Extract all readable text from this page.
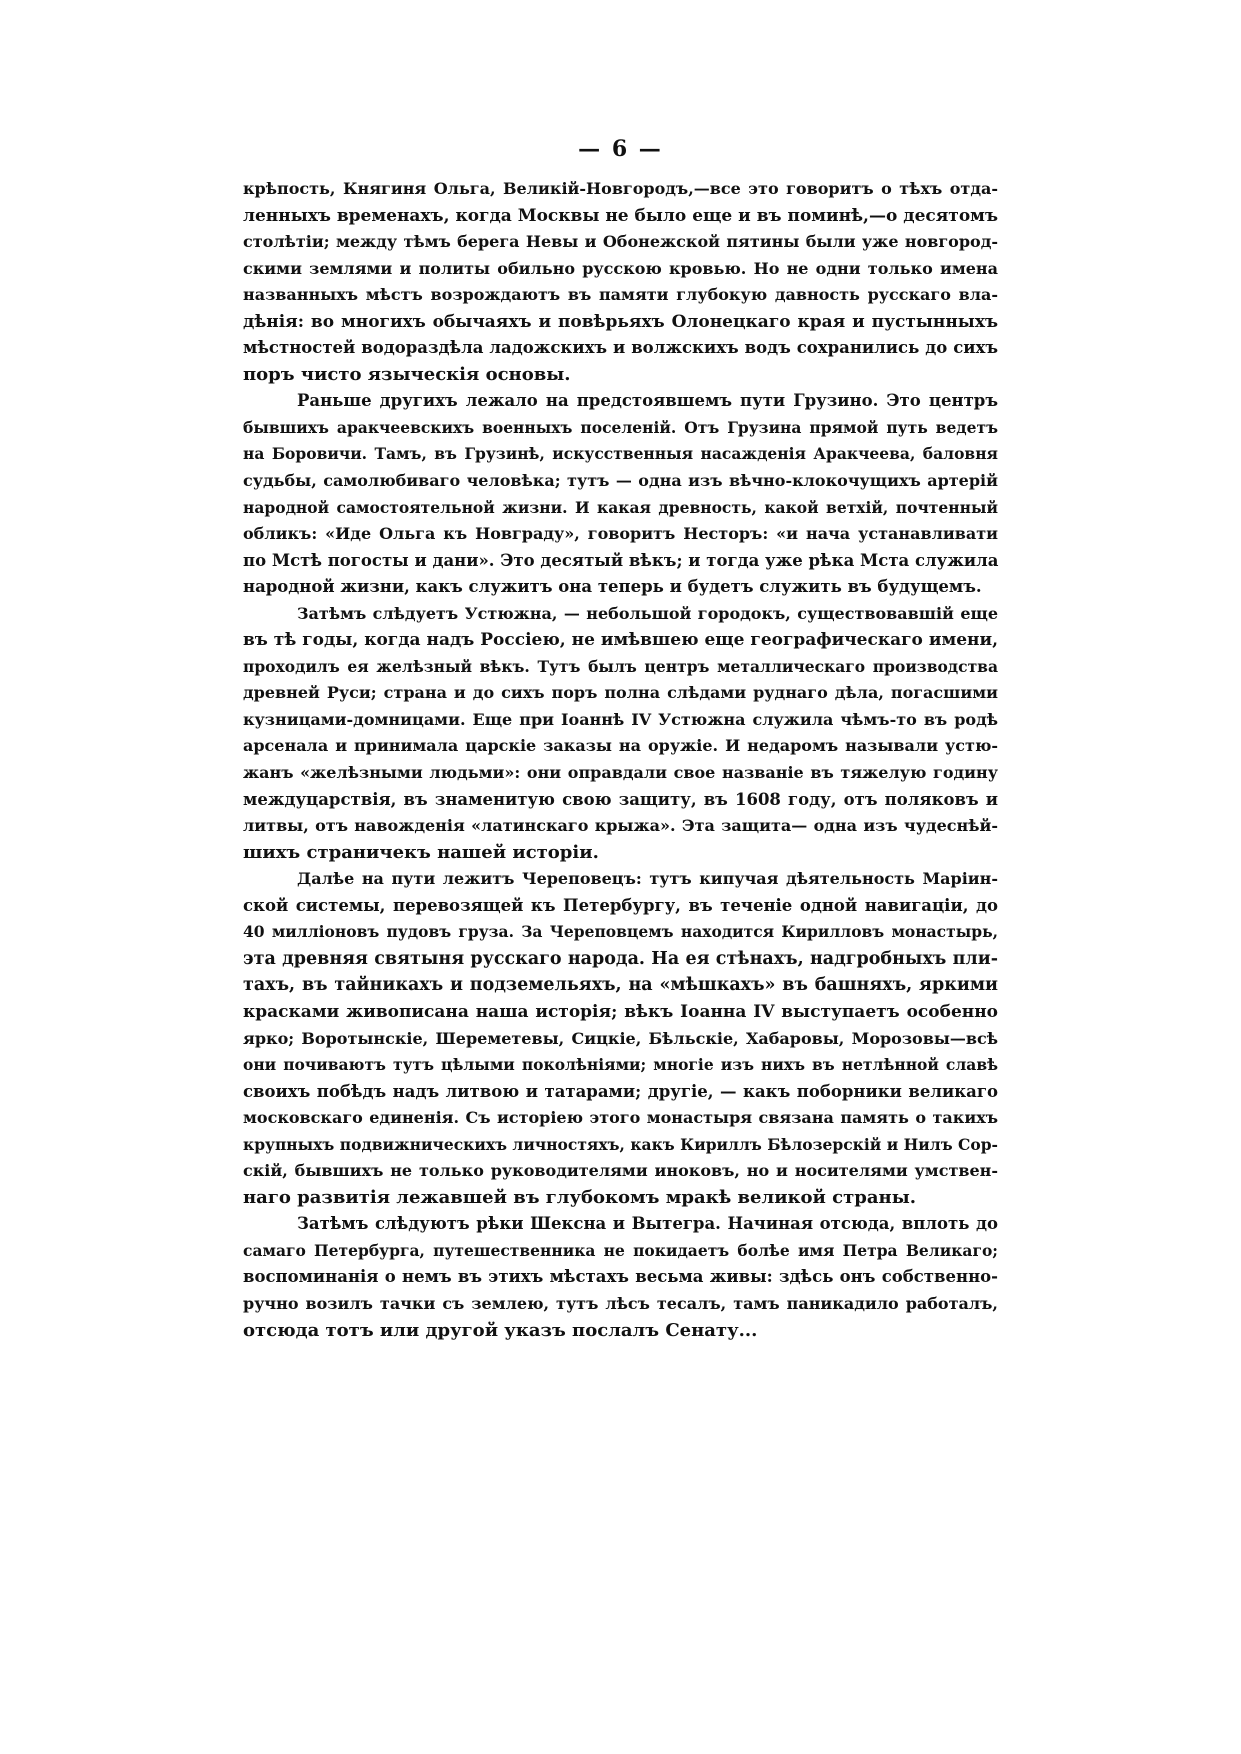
— 6 —

крѣпость, Княгиня Ольга, Великій-Новгородъ,—все это говоритъ о тѣхъ отда-
ленныхъ временахъ, когда Москвы не было еще и въ поминѣ,—о десятомъ
столѣтіи; между тѣмъ берега Невы и Обонежской пятины были уже новгород-
скими землями и политы обильно русскою кровью. Но не одни только имена
названныхъ мѣстъ возрождаютъ въ памяти глубокую давность русскаго вла-
дѣнія: во многихъ обычаяхъ и повѣрьяхъ Олонецкаго края и пустынныхъ
мѣстностей водораздѣла ладожскихъ и волжскихъ водъ сохранились до сихъ
поръ чисто языческія основы.

Раньше другихъ лежало на предстоявшемъ пути Грузино. Это центръ
бывшихъ аракчеевскихъ военныхъ поселеній. Отъ Грузина прямой путь ведетъ
на Боровичи. Тамъ, въ Грузинѣ, искусственныя насажденія Аракчеева, баловня
судьбы, самолюбиваго человѣка; тутъ — одна изъ вѣчно-клокочущихъ артерій
народной самостоятельной жизни. И какая древность, какой ветхій, почтенный
обликъ: «Иде Ольга къ Новграду», говоритъ Несторъ: «и нача устанавливати
по Мстѣ погосты и дани». Это десятый вѣкъ; и тогда уже рѣка Мста служила
народной жизни, какъ служитъ она теперь и будетъ служить въ будущемъ.

Затѣмъ слѣдуетъ Устюжна, — небольшой городокъ, существовавшій еще
въ тѣ годы, когда надъ Россіею, не имѣвшею еще географическаго имени,
проходилъ ея желѣзный вѣкъ. Тутъ былъ центръ металлическаго производства
древней Руси; страна и до сихъ поръ полна слѣдами руднаго дѣла, погасшими
кузницами-домницами. Еще при Іоаннѣ IV Устюжна служила чѣмъ-то въ родѣ
арсенала и принимала царскіе заказы на оружіе. И недаромъ называли устю-
жанъ «желѣзными людьми»: они оправдали свое названіе въ тяжелую годину
междуцарствія, въ знаменитую свою защиту, въ 1608 году, отъ поляковъ и
литвы, отъ навожденія «латинскаго крыжа». Эта защита— одна изъ чудеснѣй-
шихъ страничекъ нашей исторіи.

Далѣе на пути лежитъ Череповецъ: тутъ кипучая дѣятельность Маріин-
ской системы, перевозящей къ Петербургу, въ теченіе одной навигаціи, до
40 милліоновъ пудовъ груза. За Череповцемъ находится Кирилловъ монастырь,
эта древняя святыня русскаго народа. На ея стѣнахъ, надгробныхъ пли-
тахъ, въ тайникахъ и подземельяхъ, на «мѣшкахъ» въ башняхъ, яркими
красками живописана наша исторія; вѣкъ Іоанна IV выступаетъ особенно
ярко; Воротынскіе, Шереметевы, Сицкіе, Бѣльскіе, Хабаровы, Морозовы—всѣ
они почиваютъ тутъ цѣлыми поколѣніями; многіе изъ нихъ въ нетлѣнной славѣ
своихъ побѣдъ надъ литвою и татарами; другіе, — какъ поборники великаго
московскаго единенія. Съ исторіею этого монастыря связана память о такихъ
крупныхъ подвижническихъ личностяхъ, какъ Кириллъ Бѣлозерскій и Нилъ Сор-
скій, бывшихъ не только руководителями иноковъ, но и носителями умствен-
наго развитія лежавшей въ глубокомъ мракѣ великой страны.

Затѣмъ слѣдуютъ рѣки Шексна и Вытегра. Начиная отсюда, вплоть до
самаго Петербурга, путешественника не покидаетъ болѣе имя Петра Великаго;
воспоминанія о немъ въ этихъ мѣстахъ весьма живы: здѣсь онъ собственно-
ручно возилъ тачки съ землею, тутъ лѣсъ тесалъ, тамъ паникадило работалъ,
отсюда тотъ или другой указъ послалъ Сенату...
